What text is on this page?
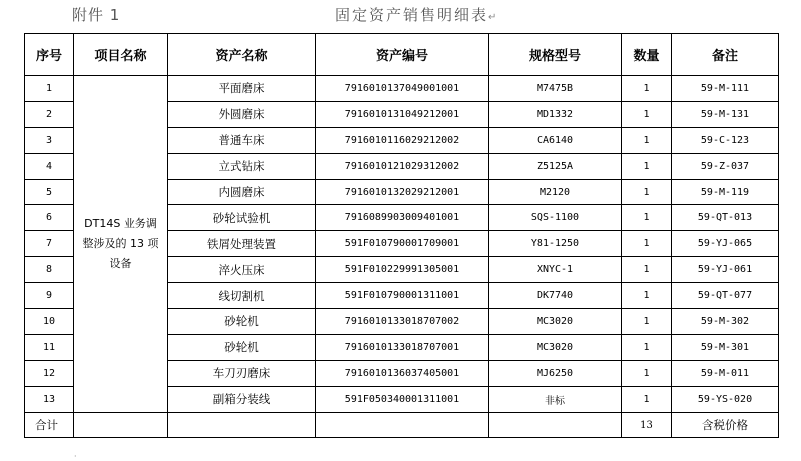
附件 1	固定资产销售明细表↵
序号	项目名称	资产名称	资产编号	规格型号	数量	备注
1	DT14S 业务调整涉及的 13 项设备	平面磨床	7916010137049001001	M7475B	1	59-M-111
2		外圆磨床	7916010131049212001	MD1332	1	59-M-131
3		普通车床	7916010116029212002	CA6140	1	59-C-123
4		立式钻床	7916010121029312002	Z5125A	1	59-Z-037
5		内圆磨床	7916010132029212001	M2120	1	59-M-119
6		砂轮试验机	7916089903009401001	SQS-1100	1	59-QT-013
7		铁屑处理装置	591F010790001709001	Y81-1250	1	59-YJ-065
8		淬火压床	591F010229991305001	XNYC-1	1	59-YJ-061
9		线切割机	591F010790001311001	DK7740	1	59-QT-077
10		砂轮机	7916010133018707002	MC3020	1	59-M-302
11		砂轮机	7916010133018707001	MC3020	1	59-M-301
12		车刀刃磨床	7916010136037405001	MJ6250	1	59-M-011
13		副箱分装线	591F050340001311001	非标	1	59-YS-020
合计					13	含税价格
·
